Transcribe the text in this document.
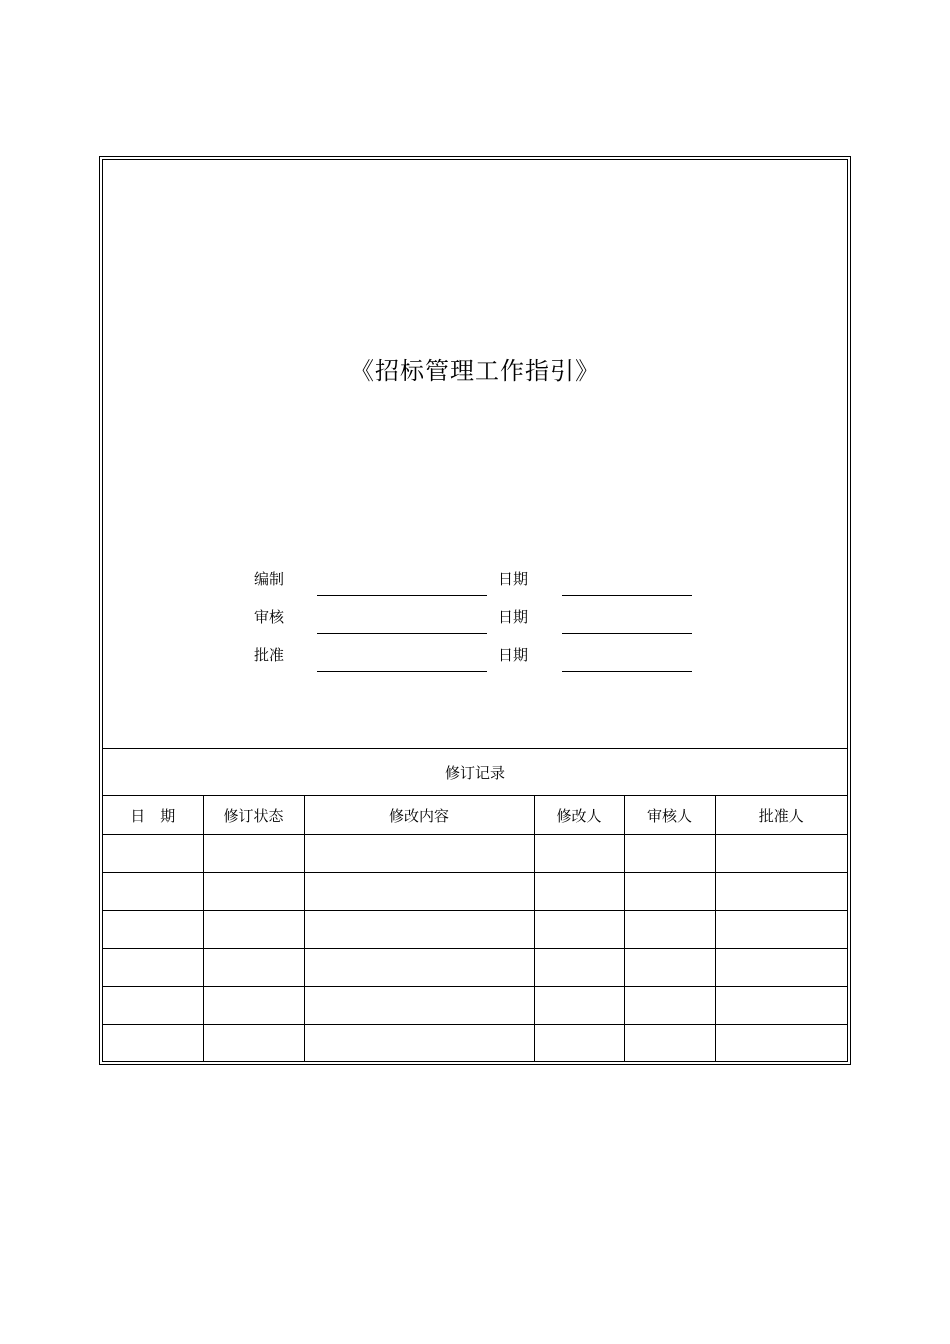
《招标管理工作指引》
编制	日期
审核	日期
批准	日期
修订记录					
日　期	修订状态	修改内容	修改人	审核人	批准人
